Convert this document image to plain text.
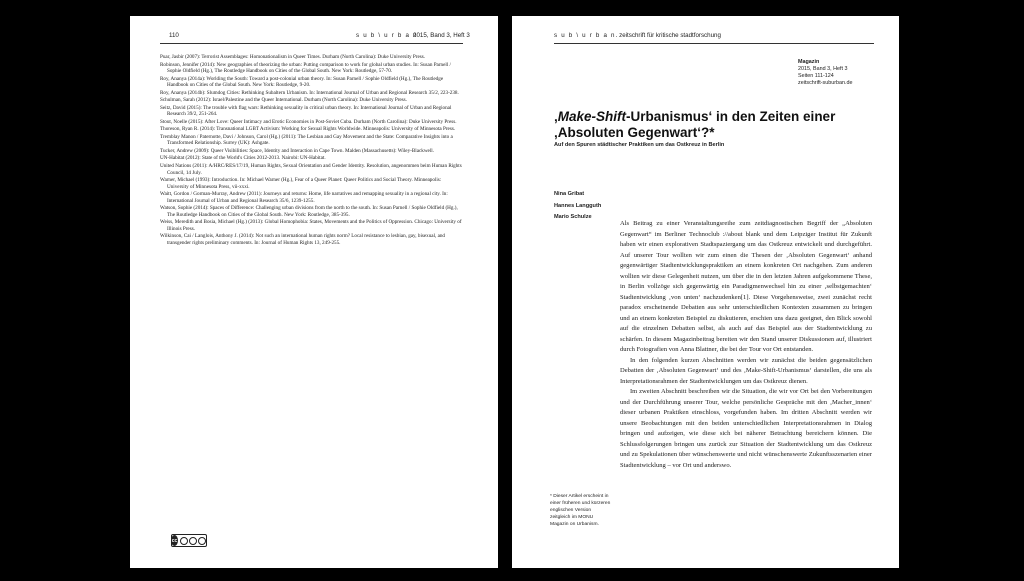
110	s u b \ u r b a n
2015, Band 3, Heft 3

Puar, Jasbir (2007): Terrorist Assemblages: Homonationalism in Queer Times. Durham (North Carolina): Duke University Press.

Robinson, Jennifer (2014): New geographies of theorizing the urban: Putting comparison to work for global urban studies. In: Susan Parnell / Sophie Oldfield (Hg.), The Routledge Handbook on Cities of the Global South. New York: Routledge, 57-70.

Roy, Ananya (2014a): Worlding the South: Toward a post-colonial urban theory. In: Susan Parnell / Sophie Oldfield (Hg.), The Routledge Handbook on Cities of the Global South. New York: Routledge, 9-20.

Roy, Ananya (2014b): Slumdog Cities: Rethinking Subaltern Urbanism. In: International Journal of Urban and Regional Research 35/2, 223-238.

Schulman, Sarah (2012): Israel/Palestine and the Queer International. Durham (North Carolina): Duke University Press.

Seitz, David (2015): The trouble with flag wars: Rethinking sexuality in critical urban theory. In: International Journal of Urban and Regional Research 39/2, 251-264.

Stout, Noelle (2015): After Love: Queer Intimacy and Erotic Economies in Post-Soviet Cuba. Durham (North Carolina): Duke University Press.

Thoreson, Ryan R. (2014): Transnational LGBT Activism: Working for Sexual Rights Worldwide. Minneapolis: University of Minnesota Press.

Tremblay Manon / Paternotte, Davi / Johnson, Carol (Hg.) (2011): The Lesbian and Gay Movement and the State: Comparative Insights into a Transformed Relationship. Surrey (UK): Ashgate.

Tucker, Andrew (2009): Queer Visibilities: Space, Identity and Interaction in Cape Town. Malden (Massachusetts): Wiley-Blackwell.

UN-Habitat (2012): State of the World's Cities 2012-2013. Nairobi: UN-Habitat.

United Nations (2011): A/HRC/RES/17/19, Human Rights, Sexual Orientation and Gender Identity. Resolution, angenommen beim Human Rights Council, 14 July.

Warner, Michael (1993): Introduction. In: Michael Warner (Hg.), Fear of a Queer Planet: Queer Politics and Social Theory. Minneapolis: University of Minnesota Press, vii-xxxi.

Waitt, Gordon / Gorman-Murray, Andrew (2011): Journeys and returns: Home, life narratives and remapping sexuality in a regional city. In: International Journal of Urban and Regional Research 35/6, 1239-1255.

Watson, Sophie (2014): Spaces of Difference: Challenging urban divisions from the north to the south. In: Susan Parnell / Sophie Oldfield (Hg.), The Routledge Handbook on Cities of the Global South. New York: Routledge, 385-395.

Weiss, Meredith and Bosia, Michael (Hg.) (2013): Global Homophobia: States, Movements and the Politics of Oppression. Chicago: University of Illinois Press.

Wilkinson, Cai / Langlois, Anthony J. (2014): Not such an international human rights norm? Local resistance to lesbian, gay, bisexual, and transgender rights preliminary comments. In: Journal of Human Rights 13, 249-255.

cc
s u b \ u r b a n. zeitschrift für kritische stadtforschung
Magazin
2015, Band 3, Heft 3
Seiten 111-124
zeitschrift-suburban.de
‚Make-Shift-Urbanismus‘ in den Zeiten einer ‚Absoluten Gegenwart‘?*
Auf den Spuren städtischer Praktiken um das Ostkreuz in Berlin
Nina Gribat
Hannes Langguth
Mario Schulze

Als Beitrag zu einer Veranstaltungsreihe zum zeitdiagnostischen Begriff der „Absoluten Gegenwart“ im Berliner Technoclub ://about blank und dem Leipziger Institut für Zukunft haben wir einen explorativen Stadtspaziergang um das Ostkreuz entwickelt und durchgeführt. Auf unserer Tour wollten wir zum einen die Thesen der ‚Absoluten Gegenwart‘ anhand gegenwärtiger Stadtentwicklungspraktiken an einem konkreten Ort nachgehen. Zum anderen wollten wir diese Gelegenheit nutzen, um über die in den letzten Jahren aufgekommene These, in Berlin vollzöge sich gegenwärtig ein Paradigmenwechsel hin zu einer ‚selbstgemachten‘ Stadtentwicklung ‚von unten‘ nachzudenken[1]. Diese Vorgehensweise, zwei zunächst recht paradox erscheinende Debatten aus sehr unterschiedlichen Kontexten zusammen zu bringen und an einem konkreten Beispiel zu diskutieren, erschien uns dazu geeignet, den Blick sowohl auf die einzelnen Debatten selbst, als auch auf das Beispiel aus der Stadtentwicklung zu schärfen. In diesem Magazinbeitrag bereiten wir den Stand unserer Diskussionen auf, illustriert durch Fotografien von Anna Blattner, die bei der Tour vor Ort entstanden.

In den folgenden kurzen Abschnitten werden wir zunächst die beiden gegensätzlichen Debatten der ‚Absoluten Gegenwart‘ und des ‚Make-Shift-Urbanismus‘ darstellen, die uns als Interpretationsrahmen der Stadtentwicklungen um das Ostkreuz dienen.

Im zweiten Abschnitt beschreiben wir die Situation, die wir vor Ort bei den Vorbereitungen und der Durchführung unserer Tour, welche persönliche Gespräche mit den ‚Macher_innen‘ dieser urbanen Praktiken einschloss, vorgefunden haben. Im dritten Abschnitt werden wir unsere Beobachtungen mit den beiden unterschiedlichen Interpretationsrahmen in Dialog bringen und aufzeigen, wie diese sich bei näherer Betrachtung bereichern können. Die Schlussfolgerungen bringen uns zurück zur Situation der Stadtentwicklung um das Ostkreuz und zu Spekulationen über wünschenswerte und nicht wünschenswerte Zukunftsszenarien einer Stadtentwicklung – vor Ort und anderswo.

* Dieser Artikel erscheint in einer früheren und kürzeren englischen Version zeitgleich im MONU Magazin on Urbanism.
